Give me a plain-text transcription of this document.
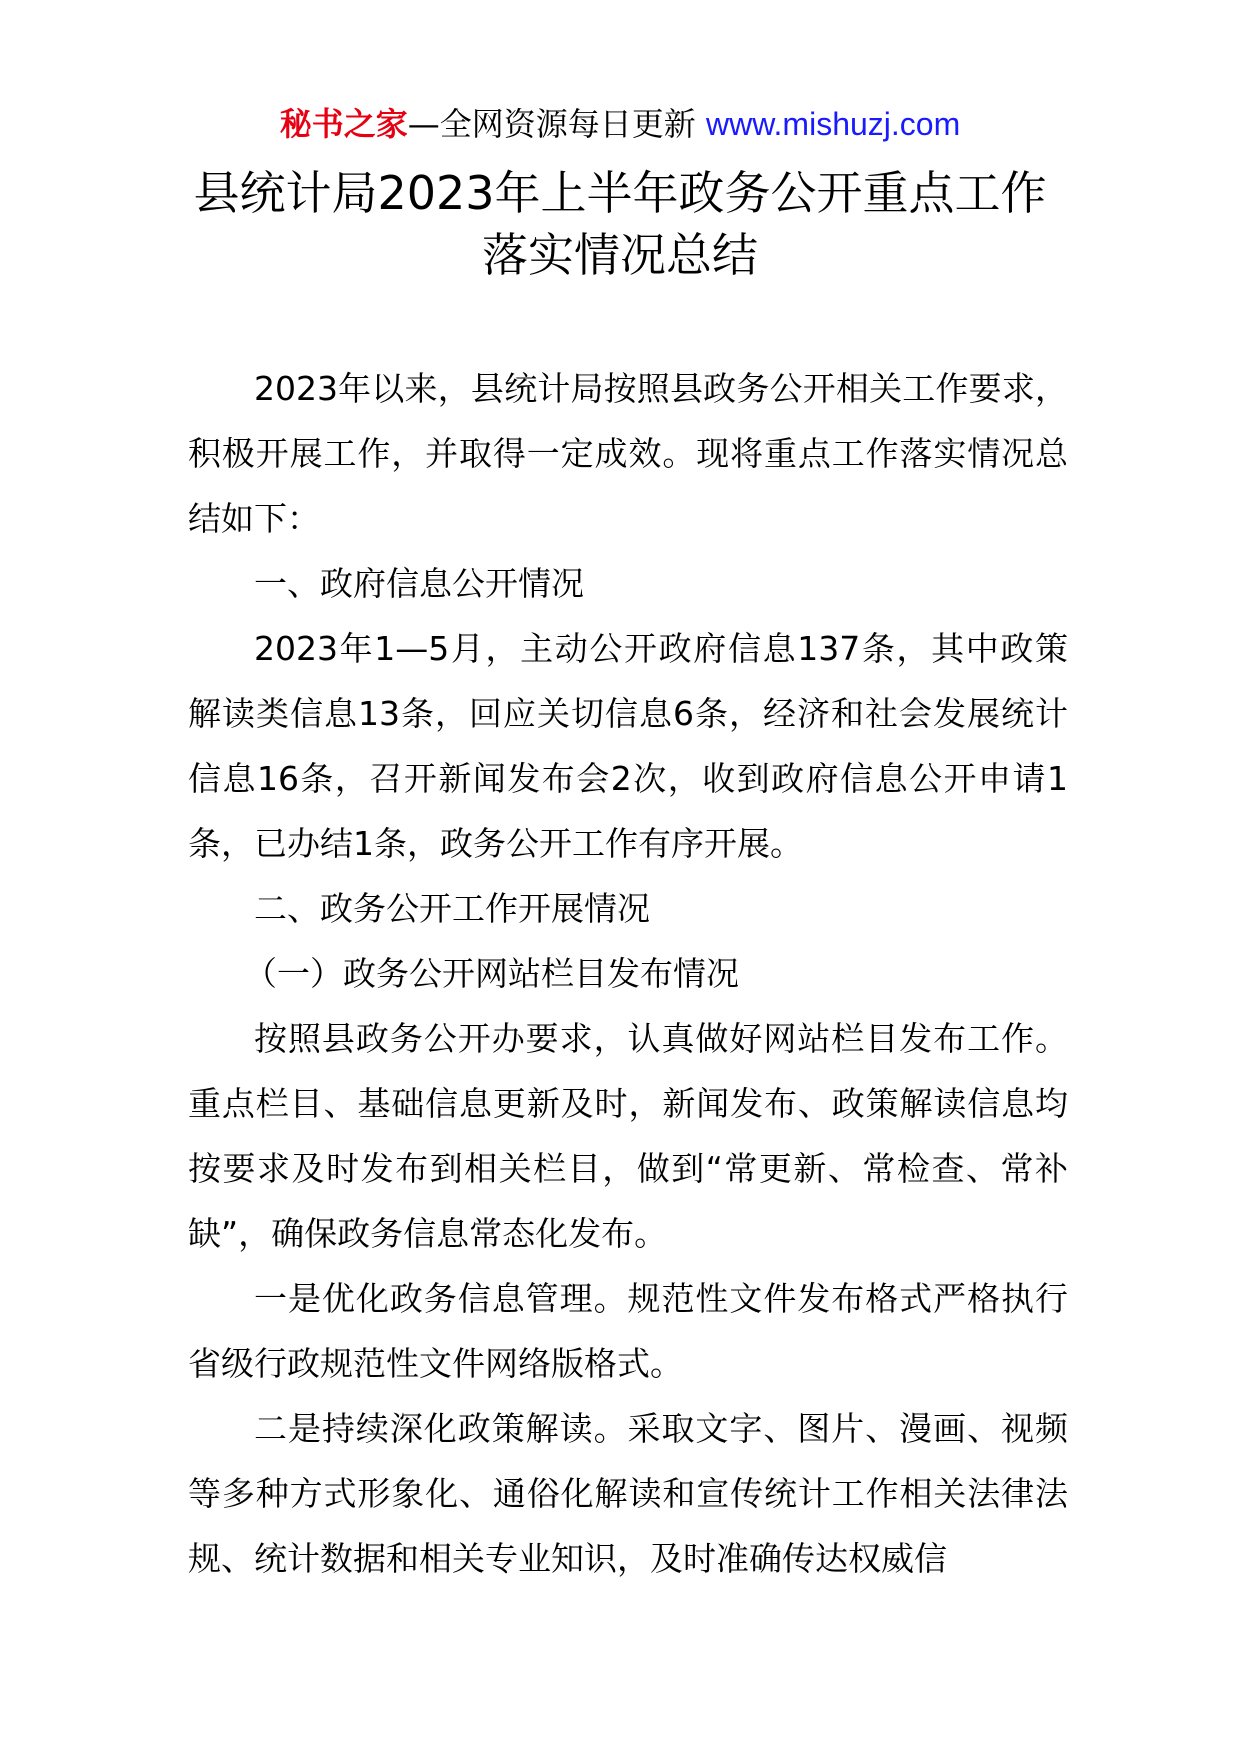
秘书之家—全网资源每日更新 www.mishuzj.com
县统计局2023年上半年政务公开重点工作
落实情况总结

2023年以来，县统计局按照县政务公开相关工作要求，积极开展工作，并取得一定成效。现将重点工作落实情况总结如下：

一、政府信息公开情况

2023年1—5月，主动公开政府信息137条，其中政策解读类信息13条，回应关切信息6条，经济和社会发展统计信息16条，召开新闻发布会2次，收到政府信息公开申请1条，已办结1条，政务公开工作有序开展。

二、政务公开工作开展情况

（一）政务公开网站栏目发布情况

按照县政务公开办要求，认真做好网站栏目发布工作。重点栏目、基础信息更新及时，新闻发布、政策解读信息均按要求及时发布到相关栏目，做到“常更新、常检查、常补缺”，确保政务信息常态化发布。

一是优化政务信息管理。规范性文件发布格式严格执行省级行政规范性文件网络版格式。

二是持续深化政策解读。采取文字、图片、漫画、视频等多种方式形象化、通俗化解读和宣传统计工作相关法律法规、统计数据和相关专业知识，及时准确传达权威信
